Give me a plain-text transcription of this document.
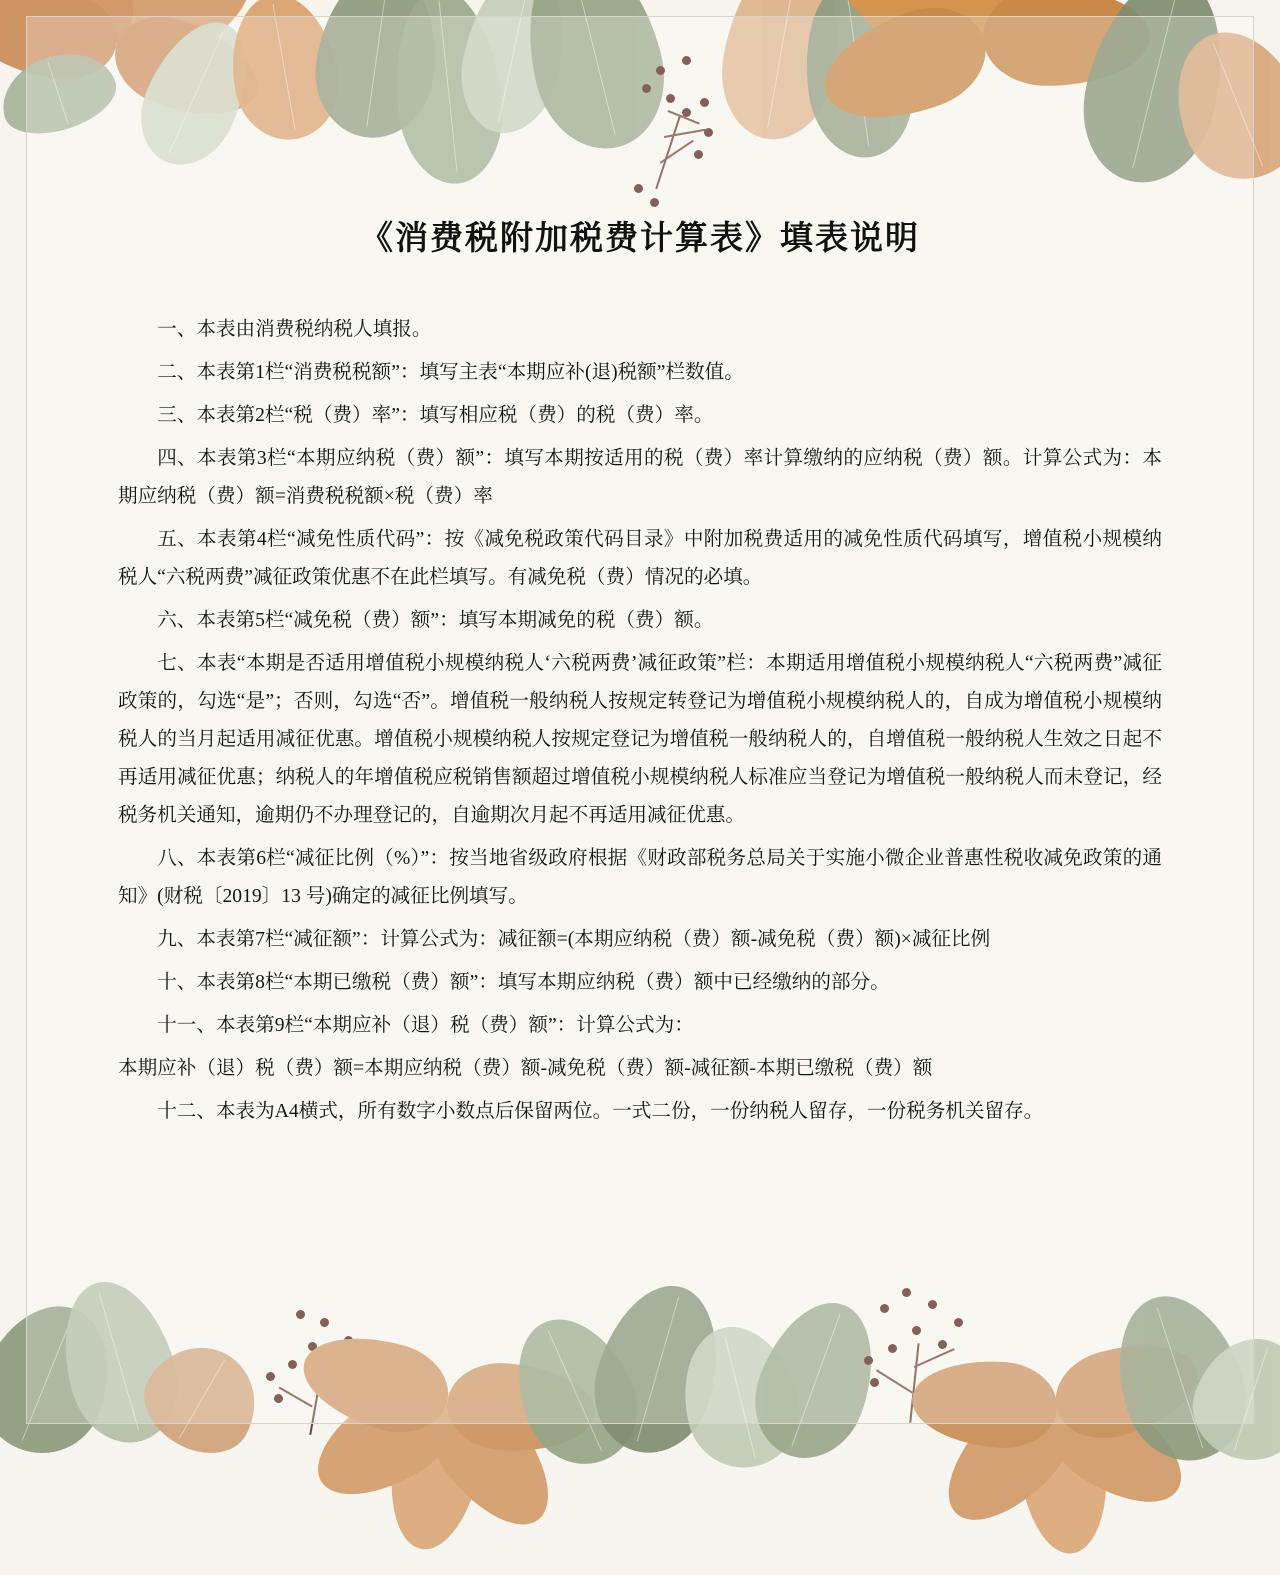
《消费税附加税费计算表》填表说明

一、本表由消费税纳税人填报。

二、本表第1栏“消费税税额”：填写主表“本期应补(退)税额”栏数值。

三、本表第2栏“税（费）率”：填写相应税（费）的税（费）率。

四、本表第3栏“本期应纳税（费）额”：填写本期按适用的税（费）率计算缴纳的应纳税（费）额。计算公式为：本期应纳税（费）额=消费税税额×税（费）率

五、本表第4栏“减免性质代码”：按《减免税政策代码目录》中附加税费适用的减免性质代码填写，增值税小规模纳税人“六税两费”减征政策优惠不在此栏填写。有减免税（费）情况的必填。

六、本表第5栏“减免税（费）额”：填写本期减免的税（费）额。

七、本表“本期是否适用增值税小规模纳税人‘六税两费’减征政策”栏：本期适用增值税小规模纳税人“六税两费”减征政策的，勾选“是”；否则，勾选“否”。增值税一般纳税人按规定转登记为增值税小规模纳税人的，自成为增值税小规模纳税人的当月起适用减征优惠。增值税小规模纳税人按规定登记为增值税一般纳税人的，自增值税一般纳税人生效之日起不再适用减征优惠；纳税人的年增值税应税销售额超过增值税小规模纳税人标准应当登记为增值税一般纳税人而未登记，经税务机关通知，逾期仍不办理登记的，自逾期次月起不再适用减征优惠。

八、本表第6栏“减征比例（%）”：按当地省级政府根据《财政部税务总局关于实施小微企业普惠性税收减免政策的通知》(财税〔2019〕13 号)确定的减征比例填写。

九、本表第7栏“减征额”：计算公式为：减征额=(本期应纳税（费）额-减免税（费）额)×减征比例

十、本表第8栏“本期已缴税（费）额”：填写本期应纳税（费）额中已经缴纳的部分。

十一、本表第9栏“本期应补（退）税（费）额”：计算公式为：

本期应补（退）税（费）额=本期应纳税（费）额-减免税（费）额-减征额-本期已缴税（费）额

十二、本表为A4横式，所有数字小数点后保留两位。一式二份，一份纳税人留存，一份税务机关留存。
